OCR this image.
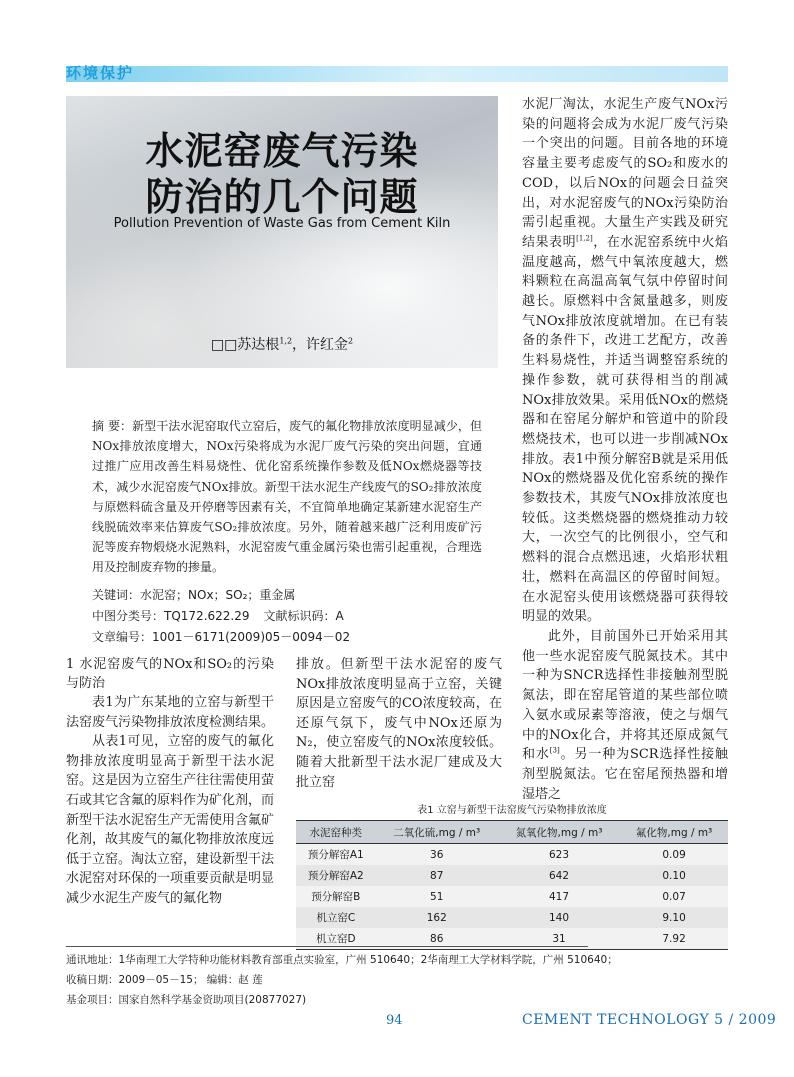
环境保护
水泥窑废气污染
防治的几个问题
Pollution Prevention of Waste Gas from Cement Kiln
□□苏达根$^{1,2}$，许红金$^2$
摘 要：新型干法水泥窑取代立窑后，废气的氟化物排放浓度明显减少，但NOx排放浓度增大，NOx污染将成为水泥厂废气污染的突出问题，宜通过推广应用改善生料易烧性、优化窑系统操作参数及低NOx燃烧器等技术，减少水泥窑废气NOx排放。新型干法水泥生产线废气的SO₂排放浓度与原燃料硫含量及开停磨等因素有关，不宜简单地确定某新建水泥窑生产线脱硫效率来估算废气SO₂排放浓度。另外，随着越来越广泛利用废矿污泥等废弃物煅烧水泥熟料，水泥窑废气重金属污染也需引起重视，合理选用及控制废弃物的掺量。
关键词：水泥窑；NOx；SO₂；重金属
中图分类号：TQ172.622.29 文献标识码：A
文章编号：1001－6171(2009)05－0094－02

水泥厂淘汰，水泥生产废气NOx污染的问题将会成为水泥厂废气污染一个突出的问题。目前各地的环境容量主要考虑废气的SO₂和废水的COD，以后NOx的问题会日益突出，对水泥窑废气的NOx污染防治需引起重视。大量生产实践及研究结果表明[1,2]，在水泥窑系统中火焰温度越高，燃气中氧浓度越大，燃料颗粒在高温高氧气氛中停留时间越长。原燃料中含氮量越多，则废气NOx排放浓度就增加。在已有装备的条件下，改进工艺配方，改善生料易烧性，并适当调整窑系统的操作参数，就可获得相当的削减NOx排放效果。采用低NOx的燃烧器和在窑尾分解炉和管道中的阶段燃烧技术，也可以进一步削减NOx排放。表1中预分解窑B就是采用低NOx的燃烧器及优化窑系统的操作参数技术，其废气NOx排放浓度也较低。这类燃烧器的燃烧推动力较大，一次空气的比例很小，空气和燃料的混合点燃迅速，火焰形状粗壮，燃料在高温区的停留时间短。在水泥窑头使用该燃烧器可获得较明显的效果。

此外，目前国外已开始采用其他一些水泥窑废气脱氮技术。其中一种为SNCR选择性非接触剂型脱氮法，即在窑尾管道的某些部位喷入氨水或尿素等溶液，使之与烟气中的NOx化合，并将其还原成氮气和水[3]。另一种为SCR选择性接触剂型脱氮法。它在窑尾预热器和增湿塔之

1 水泥窑废气的NOx和SO₂的污染与防治

表1为广东某地的立窑与新型干法窑废气污染物排放浓度检测结果。

从表1可见，立窑的废气的氟化物排放浓度明显高于新型干法水泥窑。这是因为立窑生产往往需使用萤石或其它含氟的原料作为矿化剂，而新型干法水泥窑生产无需使用含氟矿化剂，故其废气的氟化物排放浓度远低于立窑。淘汰立窑，建设新型干法水泥窑对环保的一项重要贡献是明显减少水泥生产废气的氟化物

排放。但新型干法水泥窑的废气NOx排放浓度明显高于立窑，关键原因是立窑废气的CO浓度较高，在还原气氛下，废气中NOx还原为N₂，使立窑废气的NOx浓度较低。随着大批新型干法水泥厂建成及大批立窑

表1 立窑与新型干法窑废气污染物排放浓度
水泥窑种类	二氧化硫,mg / m³	氮氧化物,mg / m³	氟化物,mg / m³
预分解窑A1	36	623	0.09
预分解窑A2	87	642	0.10
预分解窑B	51	417	0.07
机立窑C	162	140	9.10
机立窑D	86	31	7.92
通讯地址：1华南理工大学特种功能材料教育部重点实验室，广州 510640；2华南理工大学材料学院，广州 510640；
收稿日期：2009－05－15； 编辑：赵 莲
基金项目：国家自然科学基金资助项目(20877027)
94	CEMENT TECHNOLOGY 5 / 2009
